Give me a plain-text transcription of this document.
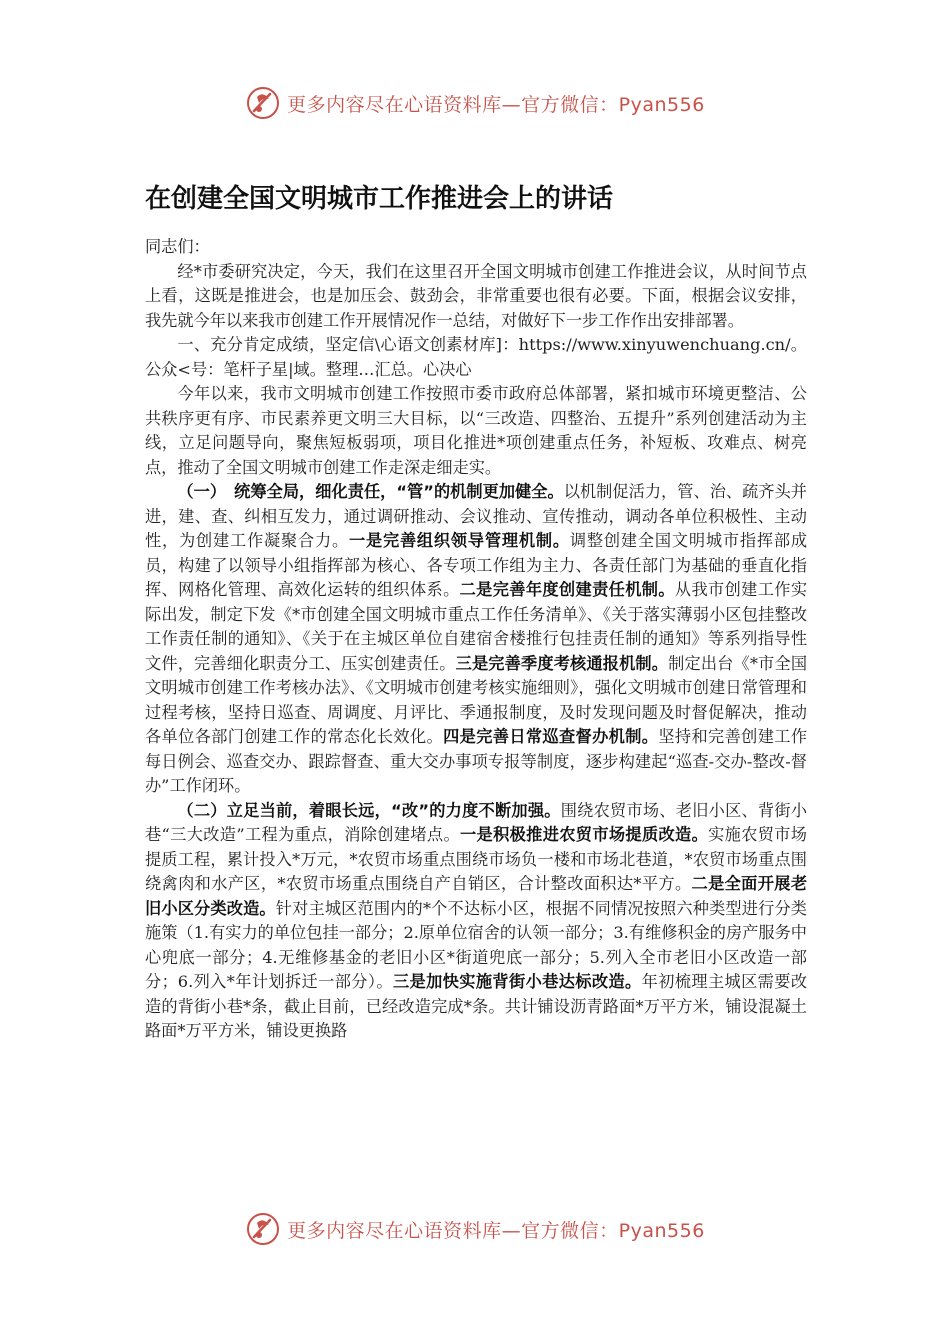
更多内容尽在心语资料库—官方微信：Pyan556
在创建全国文明城市工作推进会上的讲话

同志们：

经*市委研究决定，今天，我们在这里召开全国文明城市创建工作推进会议，从时间节点上看，这既是推进会，也是加压会、鼓劲会，非常重要也很有必要。下面，根据会议安排，我先就今年以来我市创建工作开展情况作一总结，对做好下一步工作作出安排部署。

一、充分肯定成绩，坚定信\心语文创素材库]：https://www.xinyuwenchuang.cn/。公众<号：笔杆子星|域。整理…汇总。心决心

今年以来，我市文明城市创建工作按照市委市政府总体部署，紧扣城市环境更整洁、公共秩序更有序、市民素养更文明三大目标，以“三改造、四整治、五提升”系列创建活动为主线，立足问题导向，聚焦短板弱项，项目化推进*项创建重点任务，补短板、攻难点、树亮点，推动了全国文明城市创建工作走深走细走实。

（一）　统筹全局，细化责任，“管”的机制更加健全。以机制促活力，管、治、疏齐头并进，建、查、纠相互发力，通过调研推动、会议推动、宣传推动，调动各单位积极性、主动性，为创建工作凝聚合力。一是完善组织领导管理机制。调整创建全国文明城市指挥部成员，构建了以领导小组指挥部为核心、各专项工作组为主力、各责任部门为基础的垂直化指挥、网格化管理、高效化运转的组织体系。二是完善年度创建责任机制。从我市创建工作实际出发，制定下发《*市创建全国文明城市重点工作任务清单》、《关于落实薄弱小区包挂整改工作责任制的通知》、《关于在主城区单位自建宿舍楼推行包挂责任制的通知》等系列指导性文件，完善细化职责分工、压实创建责任。三是完善季度考核通报机制。制定出台《*市全国文明城市创建工作考核办法》、《文明城市创建考核实施细则》，强化文明城市创建日常管理和过程考核，坚持日巡查、周调度、月评比、季通报制度，及时发现问题及时督促解决，推动各单位各部门创建工作的常态化长效化。四是完善日常巡查督办机制。坚持和完善创建工作每日例会、巡查交办、跟踪督查、重大交办事项专报等制度，逐步构建起“巡查-交办-整改-督办”工作闭环。

（二）立足当前，着眼长远，“改”的力度不断加强。围绕农贸市场、老旧小区、背街小巷“三大改造”工程为重点，消除创建堵点。一是积极推进农贸市场提质改造。实施农贸市场提质工程，累计投入*万元，*农贸市场重点围绕市场负一楼和市场北巷道，*农贸市场重点围绕禽肉和水产区，*农贸市场重点围绕自产自销区，合计整改面积达*平方。二是全面开展老旧小区分类改造。针对主城区范围内的*个不达标小区，根据不同情况按照六种类型进行分类施策（1.有实力的单位包挂一部分；2.原单位宿舍的认领一部分；3.有维修积金的房产服务中心兜底一部分；4.无维修基金的老旧小区*街道兜底一部分；5.列入全市老旧小区改造一部分；6.列入*年计划拆迁一部分）。三是加快实施背街小巷达标改造。年初梳理主城区需要改造的背街小巷*条，截止目前，已经改造完成*条。共计铺设沥青路面*万平方米，铺设混凝土路面*万平方米，铺设更换路

更多内容尽在心语资料库—官方微信：Pyan556
